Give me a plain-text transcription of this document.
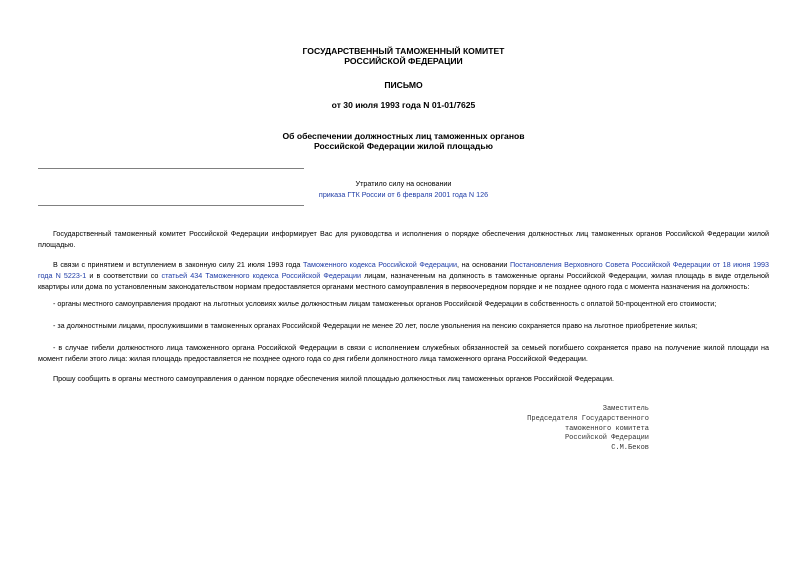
ГОСУДАРСТВЕННЫЙ ТАМОЖЕННЫЙ КОМИТЕТ
РОССИЙСКОЙ ФЕДЕРАЦИИ
ПИСЬМО
от 30 июля 1993 года N 01-01/7625
Об обеспечении должностных лиц таможенных органов
Российской Федерации жилой площадью
Утратило силу на основании
приказа ГТК России от 6 февраля 2001 года N 126
Государственный таможенный комитет Российской Федерации информирует Вас для руководства и исполнения о порядке обеспечения должностных лиц таможенных органов Российской Федерации жилой площадью.
В связи с принятием и вступлением в законную силу 21 июля 1993 года Таможенного кодекса Российской Федерации, на основании Постановления Верховного Совета Российской Федерации от 18 июня 1993 года N 5223-1 и в соответствии со статьей 434 Таможенного кодекса Российской Федерации лицам, назначенным на должность в таможенные органы Российской Федерации, жилая площадь в виде отдельной квартиры или дома по установленным законодательством нормам предоставляется органами местного самоуправления в первоочередном порядке и не позднее одного года с момента назначения на должность:
- органы местного самоуправления продают на льготных условиях жилье должностным лицам таможенных органов Российской Федерации в собственность с оплатой 50-процентной его стоимости;
- за должностными лицами, прослужившими в таможенных органах Российской Федерации не менее 20 лет, после увольнения на пенсию сохраняется право на льготное приобретение жилья;
- в случае гибели должностного лица таможенного органа Российской Федерации в связи с исполнением служебных обязанностей за семьей погибшего сохраняется право на получение жилой площади на момент гибели этого лица: жилая площадь предоставляется не позднее одного года со дня гибели должностного лица таможенного органа Российской Федерации.
Прошу сообщить в органы местного самоуправления о данном порядке обеспечения жилой площадью должностных лиц таможенных органов Российской Федерации.
Заместитель
Председателя Государственного
таможенного комитета
Российской Федерации
С.М.Беков
